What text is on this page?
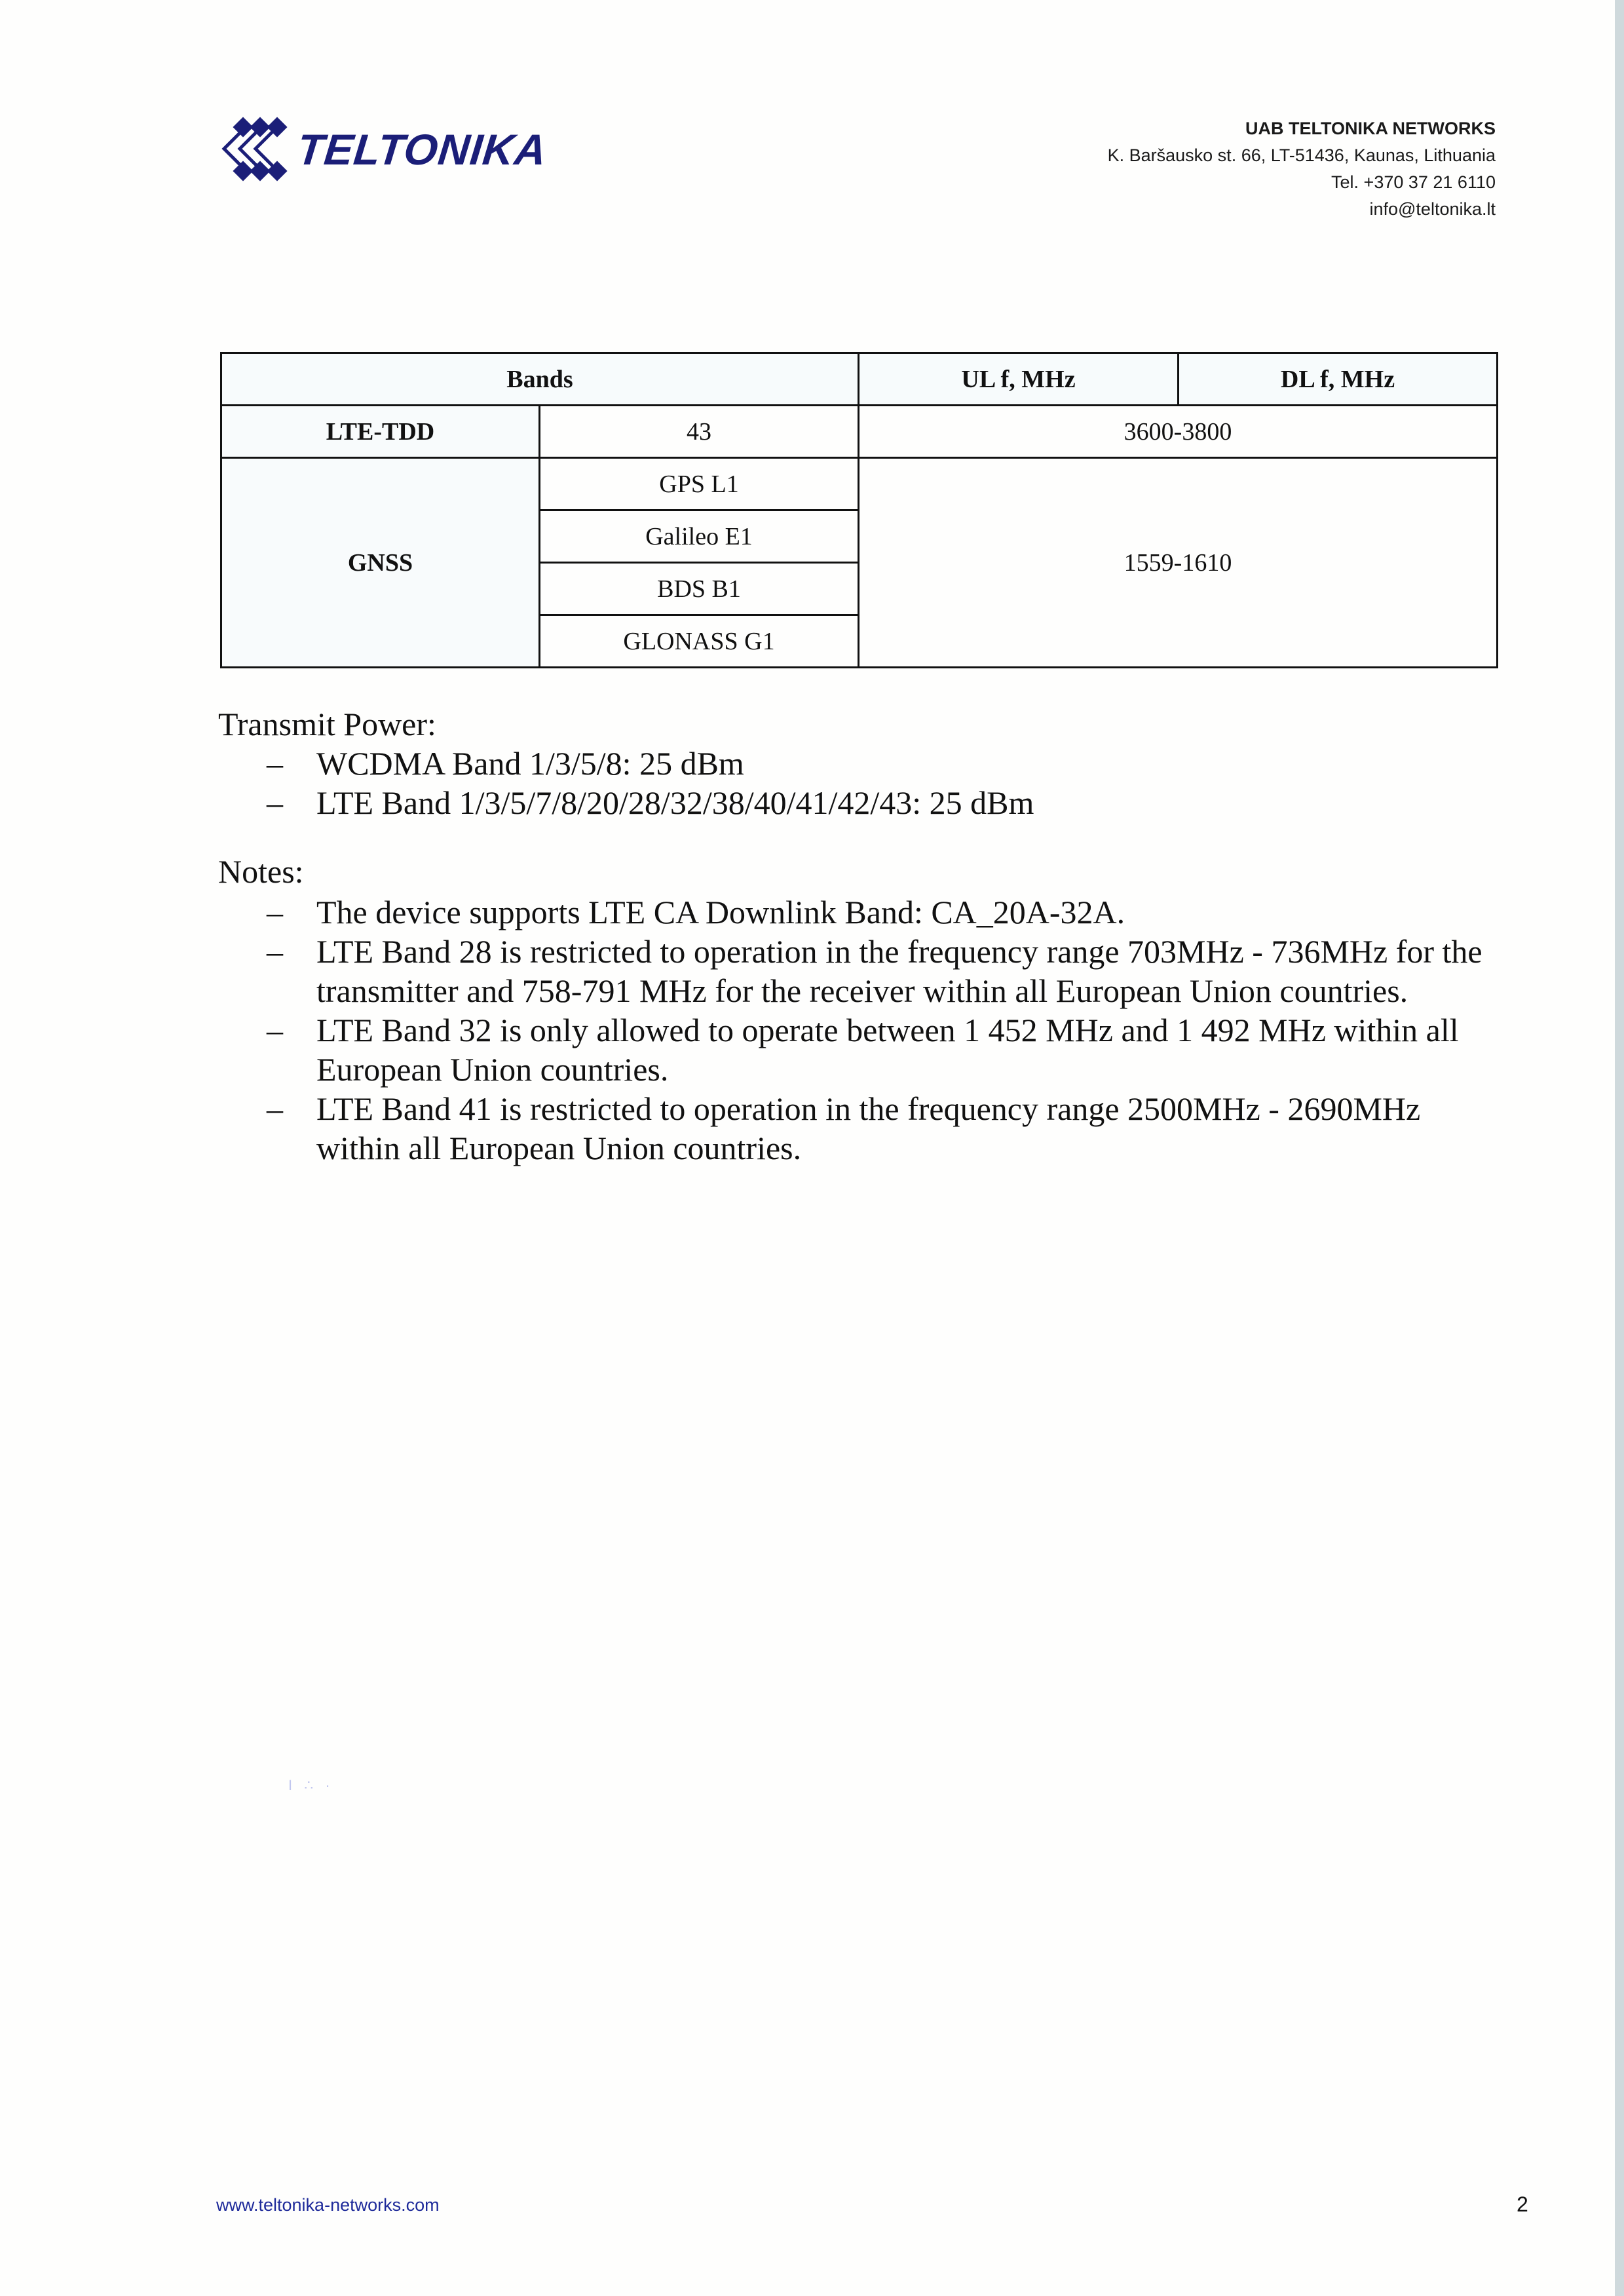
TELTONIKA	UAB TELTONIKA NETWORKS
K. Baršausko st. 66, LT-51436, Kaunas, Lithuania
Tel. +370 37 21 6110
info@teltonika.lt
Bands		UL f, MHz	DL f, MHz
LTE-TDD	43	3600-3800	
GNSS	GPS L1	1559-1610	
	Galileo E1		
	BDS B1		
	GLONASS G1		

Transmit Power:

– WCDMA Band 1/3/5/8: 25 dBm

– LTE Band 1/3/5/7/8/20/28/32/38/40/41/42/43: 25 dBm

Notes:

– The device supports LTE CA Downlink Band: CA_20A-32A.

– LTE Band 28 is restricted to operation in the frequency range 703MHz - 736MHz for the transmitter and 758-791 MHz for the receiver within all European Union countries.

– LTE Band 32 is only allowed to operate between 1 452 MHz and 1 492 MHz within all European Union countries.

– LTE Band 41 is restricted to operation in the frequency range 2500MHz - 2690MHz within all European Union countries.

I ∴ ·
www.teltonika-networks.com	2
